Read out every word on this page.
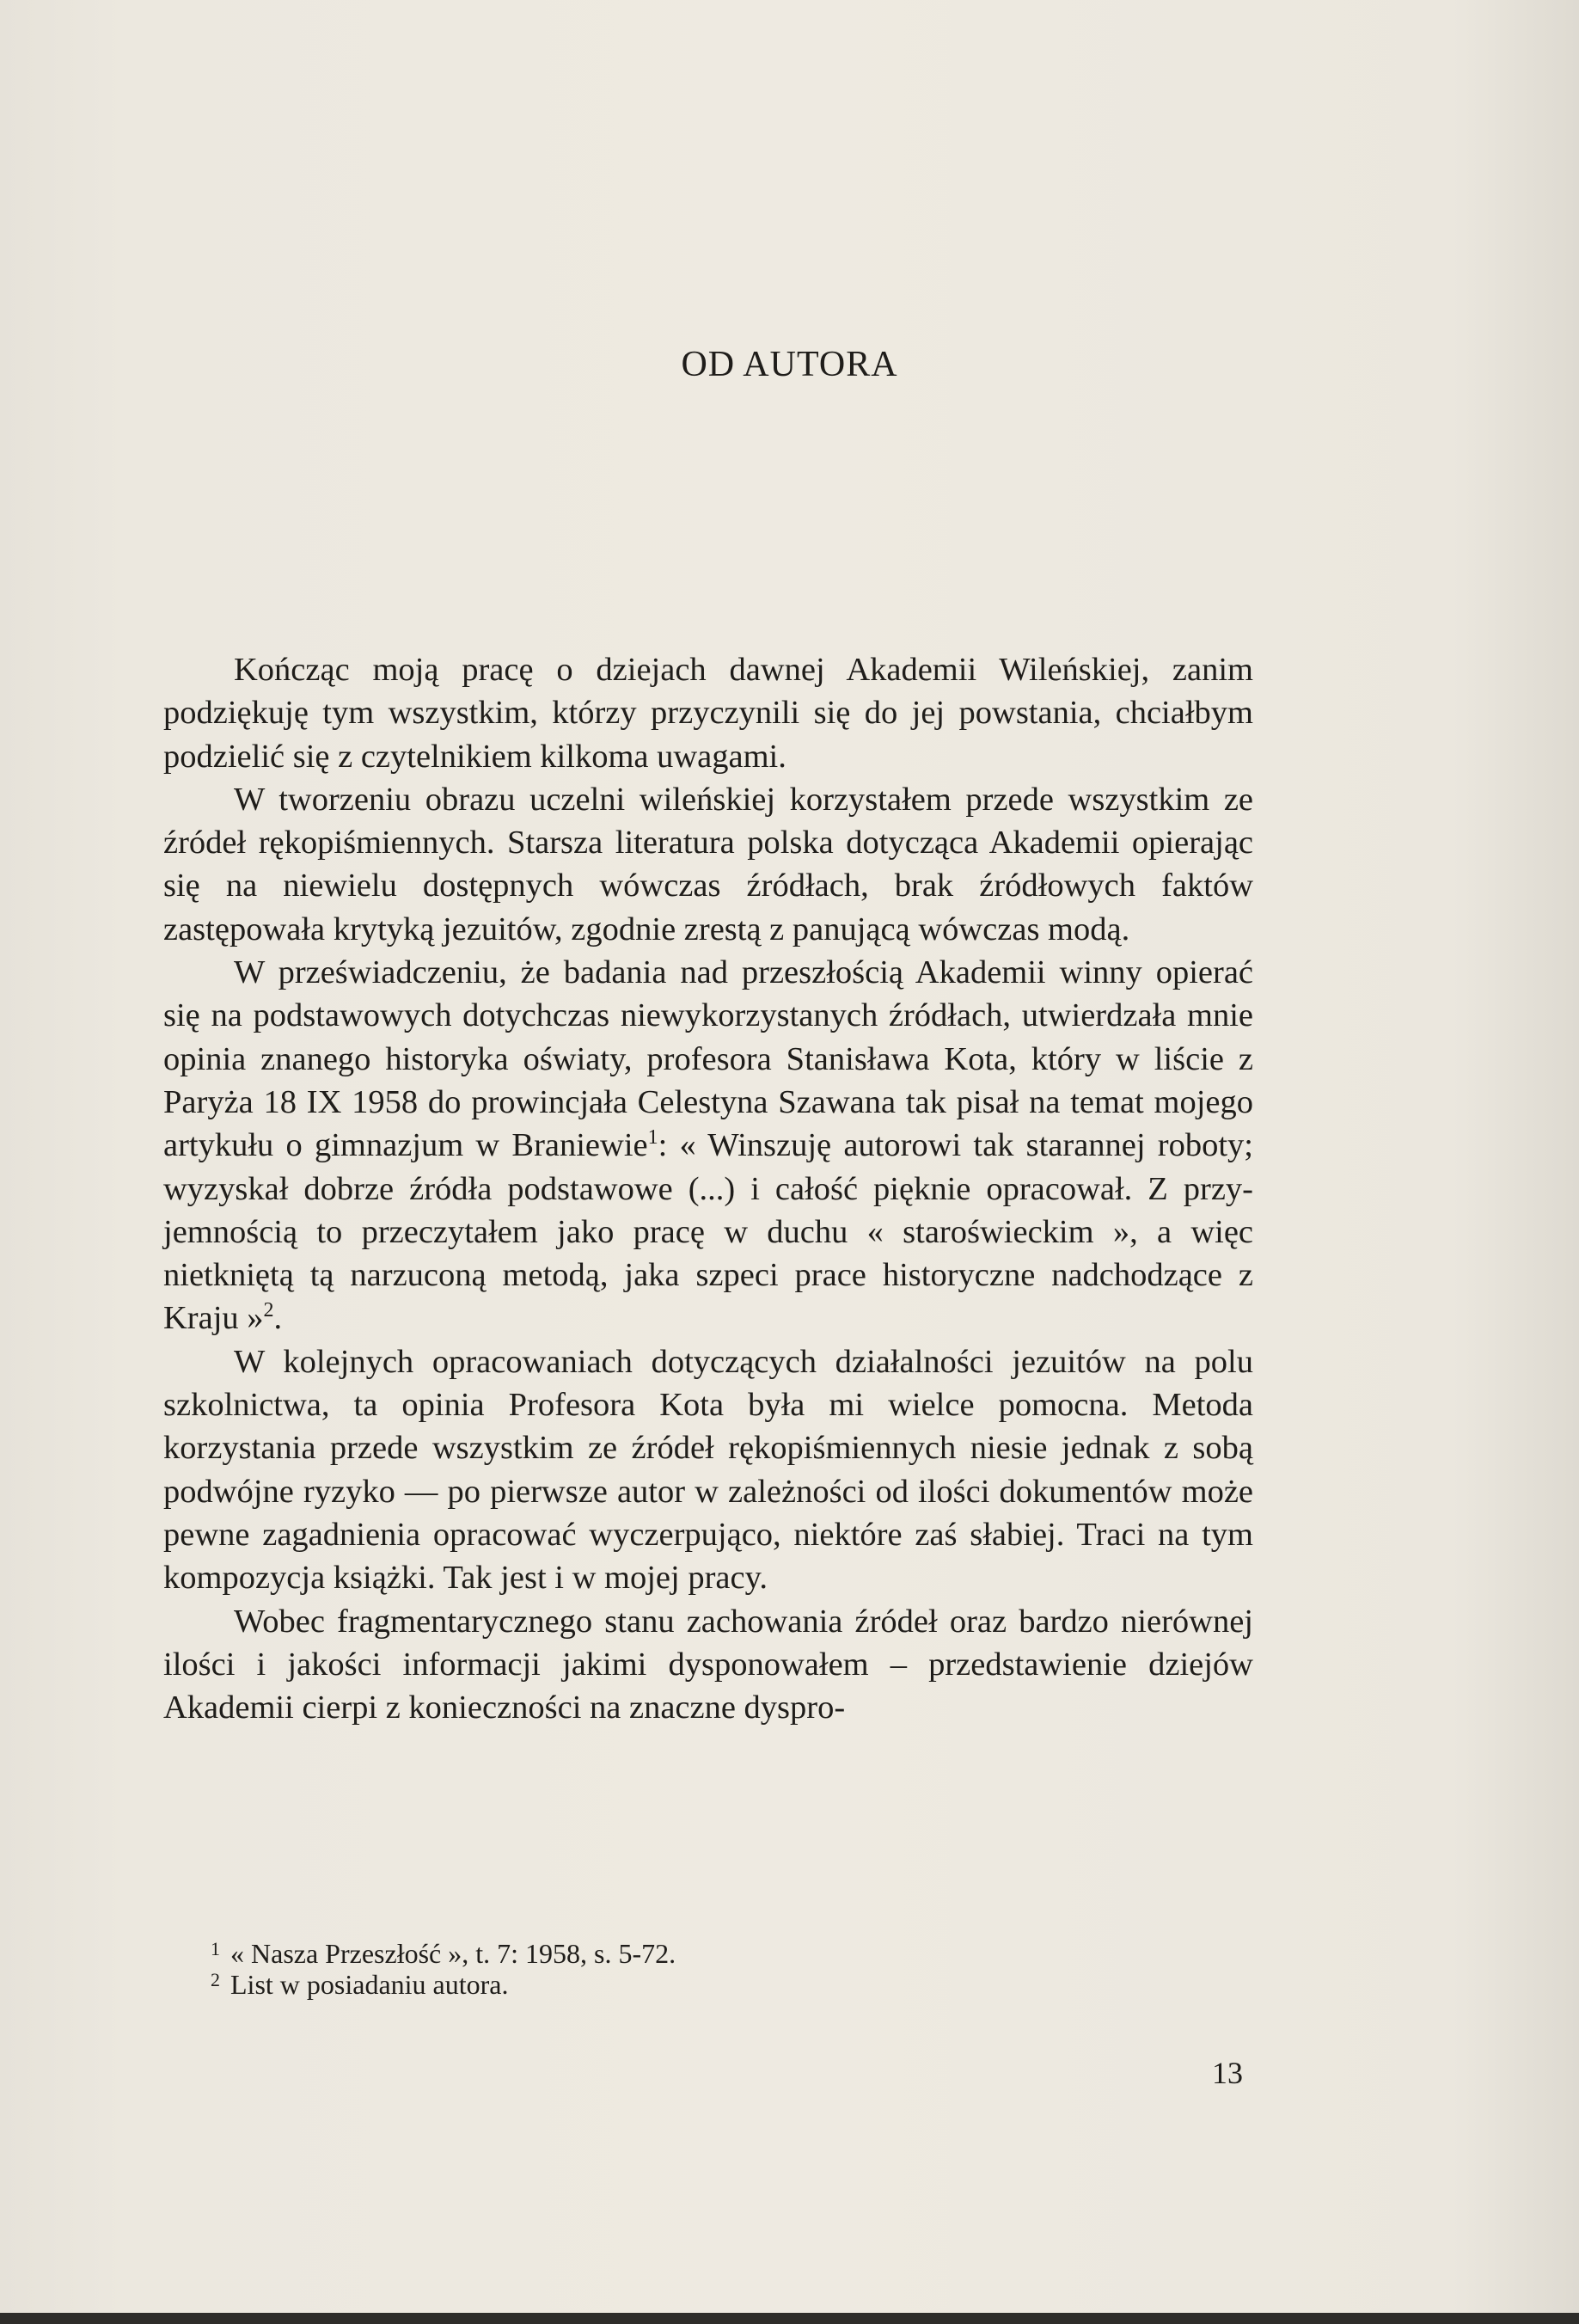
OD AUTORA

Kończąc moją pracę o dziejach dawnej Akademii Wileńskiej, zanim podziękuję tym wszystkim, którzy przyczynili się do jej powstania, chciałbym podzielić się z czytelnikiem kilkoma uwagami.

W tworzeniu obrazu uczelni wileńskiej korzystałem przede wszystkim ze źródeł rękopiśmiennych. Starsza literatura polska dotycząca Akademii opierając się na niewielu dostępnych wówczas źródłach, brak źródłowych faktów zastępowała krytyką jezuitów, zgodnie zrestą z panującą wówczas modą.

W przeświadczeniu, że badania nad przeszłością Akademii winny opierać się na podstawowych dotychczas niewykorzystanych źródłach, utwierdzała mnie opinia znanego historyka oświaty, profesora Stanisława Kota, który w liście z Paryża 18 IX 1958 do prowincjała Celestyna Szawana tak pisał na temat mojego artykułu o gimnazjum w Braniewie$^1$: « Winszuję autorowi tak starannej roboty; wyzyskał dobrze źródła podstawowe (...) i całość pięknie opracował. Z przyjemnością to przeczytałem jako pracę w duchu « staroświeckim », a więc nietkniętą tą narzuconą metodą, jaka szpeci prace historyczne nadchodzące z Kraju »$^2$.

W kolejnych opracowaniach dotyczących działalności jezuitów na polu szkolnictwa, ta opinia Profesora Kota była mi wielce pomocna. Metoda korzystania przede wszystkim ze źródeł rękopiśmiennych niesie jednak z sobą podwójne ryzyko — po pierwsze autor w zależności od ilości dokumentów może pewne zagadnienia opracować wyczerpująco, niektóre zaś słabiej. Traci na tym kompozycja książki. Tak jest i w mojej pracy.

Wobec fragmentarycznego stanu zachowania źródeł oraz bardzo nierównej ilości i jakości informacji jakimi dysponowałem – przedstawienie dziejów Akademii cierpi z konieczności na znaczne dyspro-

1 « Nasza Przeszłość », t. 7: 1958, s. 5-72.
2 List w posiadaniu autora.
13
